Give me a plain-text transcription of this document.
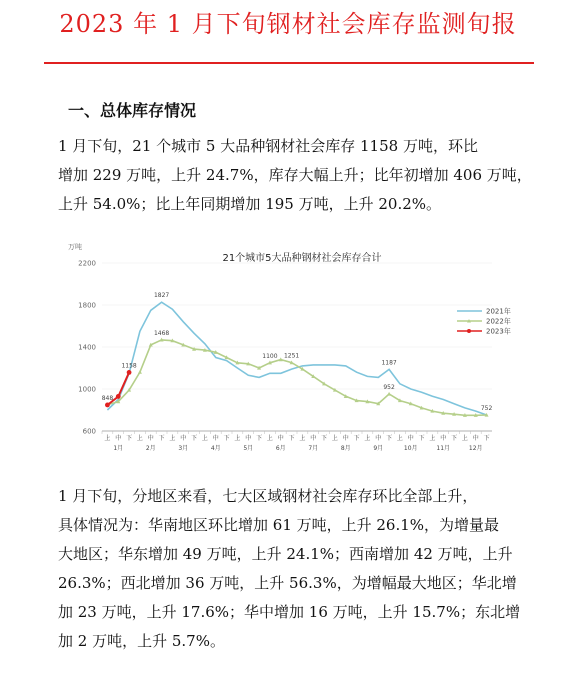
2023 年 1 月下旬钢材社会库存监测旬报
一、总体库存情况
1 月下旬，21 个城市 5 大品种钢材社会库存 1158 万吨，环比
增加 229 万吨，上升 24.7%，库存大幅上升；比年初增加 406 万吨，
上升 54.0%；比上年同期增加 195 万吨，上升 20.2%。
万吨
21个城市5大品种钢材社会库存合计
2200
1800
1400
1000
600
上 中 下 上 中 下 上 中 下 上 中 下 上 中 下 上 中 下 上 中 下 上 中 下 上 中 下 上 中 下 上 中 下 上 中 下
1月	2月	3月	4月	5月	6月	7月	8月	9月	10月	11月	12月
1827
1187
752
1468
1100 1251
952
848
1158
2021年
2022年
2023年
1 月下旬，分地区来看，七大区域钢材社会库存环比全部上升，
具体情况为：华南地区环比增加 61 万吨，上升 26.1%，为增量最
大地区；华东增加 49 万吨，上升 24.1%；西南增加 42 万吨，上升
26.3%；西北增加 36 万吨，上升 56.3%，为增幅最大地区；华北增
加 23 万吨，上升 17.6%；华中增加 16 万吨，上升 15.7%；东北增
加 2 万吨，上升 5.7%。
